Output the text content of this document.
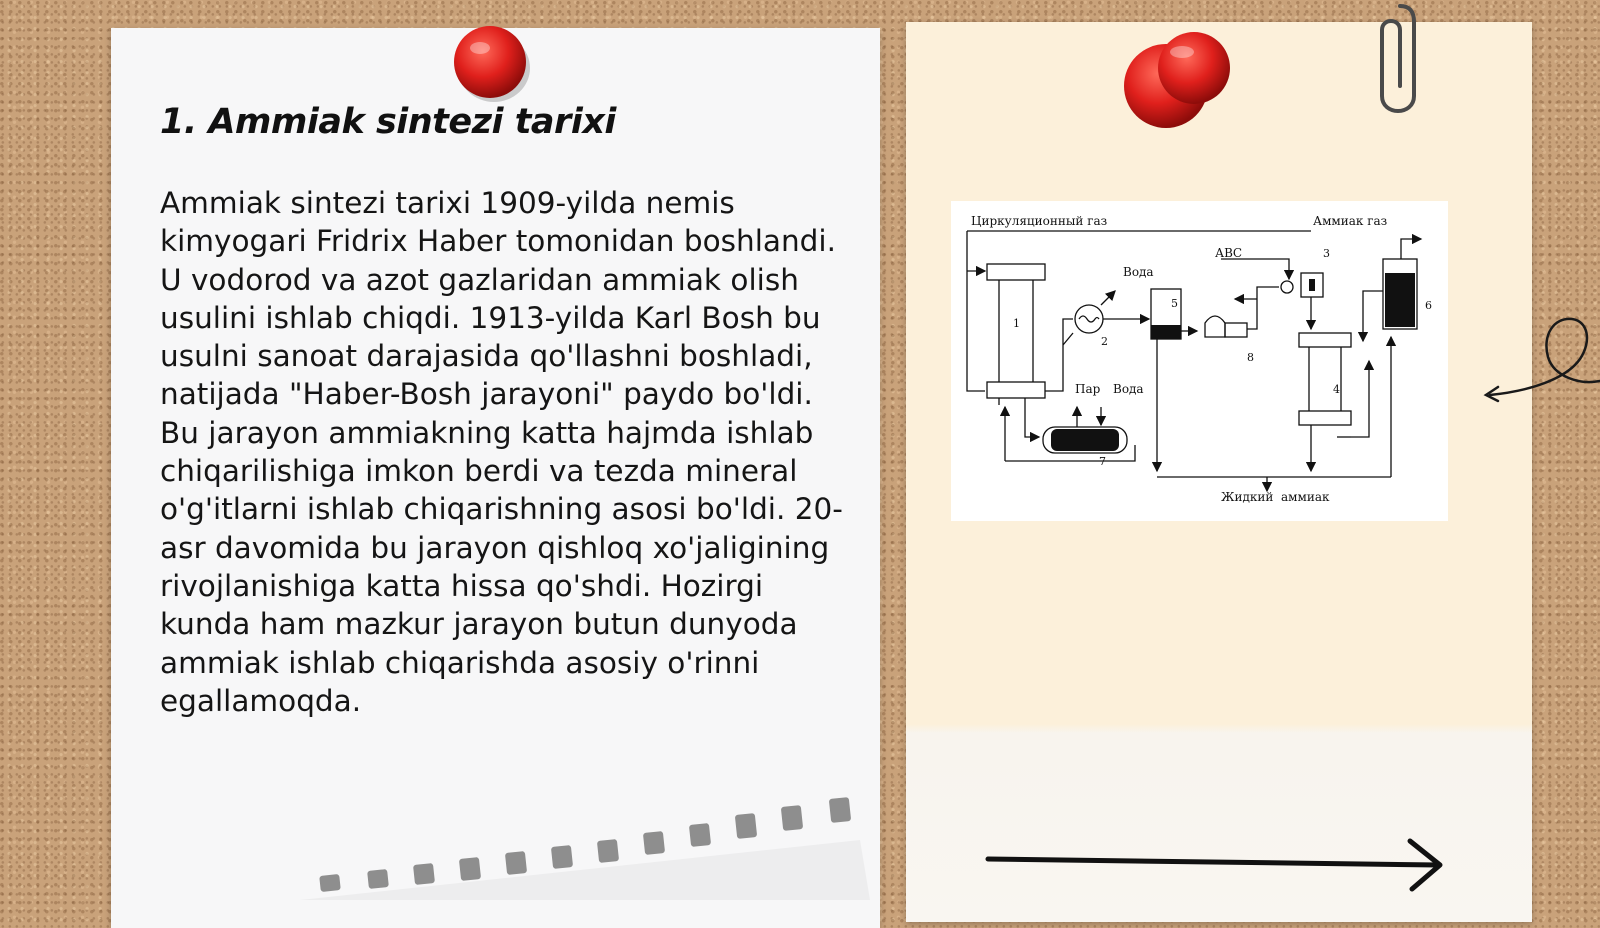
1. Ammiak sintezi tarixi

Ammiak sintezi tarixi 1909-yilda nemis kimyogari Fridrix Haber tomonidan boshlandi. U vodorod va azot gazlaridan ammiak olish usulini ishlab chiqdi. 1913-yilda Karl Bosh bu usulni sanoat darajasida qo'llashni boshladi, natijada "Haber-Bosh jarayoni" paydo bo'ldi. Bu jarayon ammiakning katta hajmda ishlab chiqarilishiga imkon berdi va tezda mineral o'g'itlarni ishlab chiqarishning asosi bo'ldi. 20-asr davomida bu jarayon qishloq xo'jaligining rivojlanishiga katta hissa qo'shdi. Hozirgi kunda ham mazkur jarayon butun dunyoda ammiak ishlab chiqarishda asosiy o'rinni egallamoqda.

Циркуляционный газ	Аммиак газ
Вода
АВС
Пар Вода
Жидкий аммиак
1
2
3
4
5	6
7
8
